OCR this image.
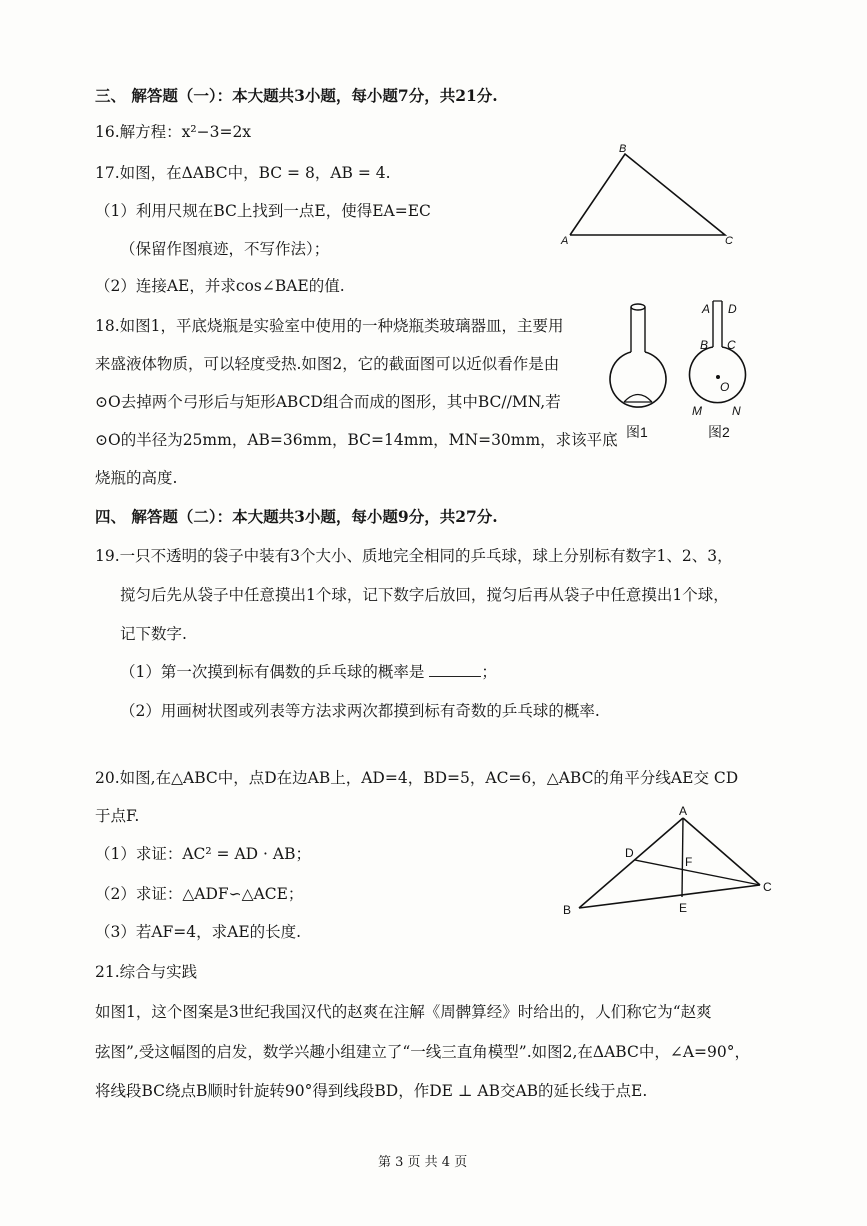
三、 解答题（一）：本大题共3小题，每小题7分，共21分.
16.解方程：x²−3=2x
17.如图，在ΔABC中，BC = 8，AB = 4.
（1）利用尺规在BC上找到一点E，使得EA=EC
（保留作图痕迹，不写作法）；
（2）连接AE，并求cos∠BAE的值.
B
A	C
18.如图1，平底烧瓶是实验室中使用的一种烧瓶类玻璃器皿，主要用
来盛液体物质，可以轻度受热.如图2，它的截面图可以近似看作是由
⊙O去掉两个弓形后与矩形ABCD组合而成的图形，其中BC//MN,若
⊙O的半径为25mm，AB=36mm，BC=14mm，MN=30mm，求该平底
烧瓶的高度.
图1
A D
B C
O
M	N
图2
四、 解答题（二）：本大题共3小题，每小题9分，共27分.
19.一只不透明的袋子中装有3个大小、质地完全相同的乒乓球，球上分别标有数字1、2、3，
搅匀后先从袋子中任意摸出1个球，记下数字后放回，搅匀后再从袋子中任意摸出1个球，
记下数字.
（1）第一次摸到标有偶数的乒乓球的概率是	；
（2）用画树状图或列表等方法求两次都摸到标有奇数的乒乓球的概率.
20.如图,在△ABC中，点D在边AB上，AD=4，BD=5，AC=6，△ABC的角平分线AE交 CD
于点F.
（1）求证：AC² = AD · AB；
（2）求证：△ADF∽△ACE；
（3）若AF=4，求AE的长度.
A
D
F
B	E
C
21.综合与实践
如图1，这个图案是3世纪我国汉代的赵爽在注解《周髀算经》时给出的，人们称它为“赵爽
弦图”,受这幅图的启发，数学兴趣小组建立了“一线三直角模型”.如图2,在ΔABC中，∠A=90°，
将线段BC绕点B顺时针旋转90°得到线段BD，作DE ⊥ AB交AB的延长线于点E.
第 3 页 共 4 页
